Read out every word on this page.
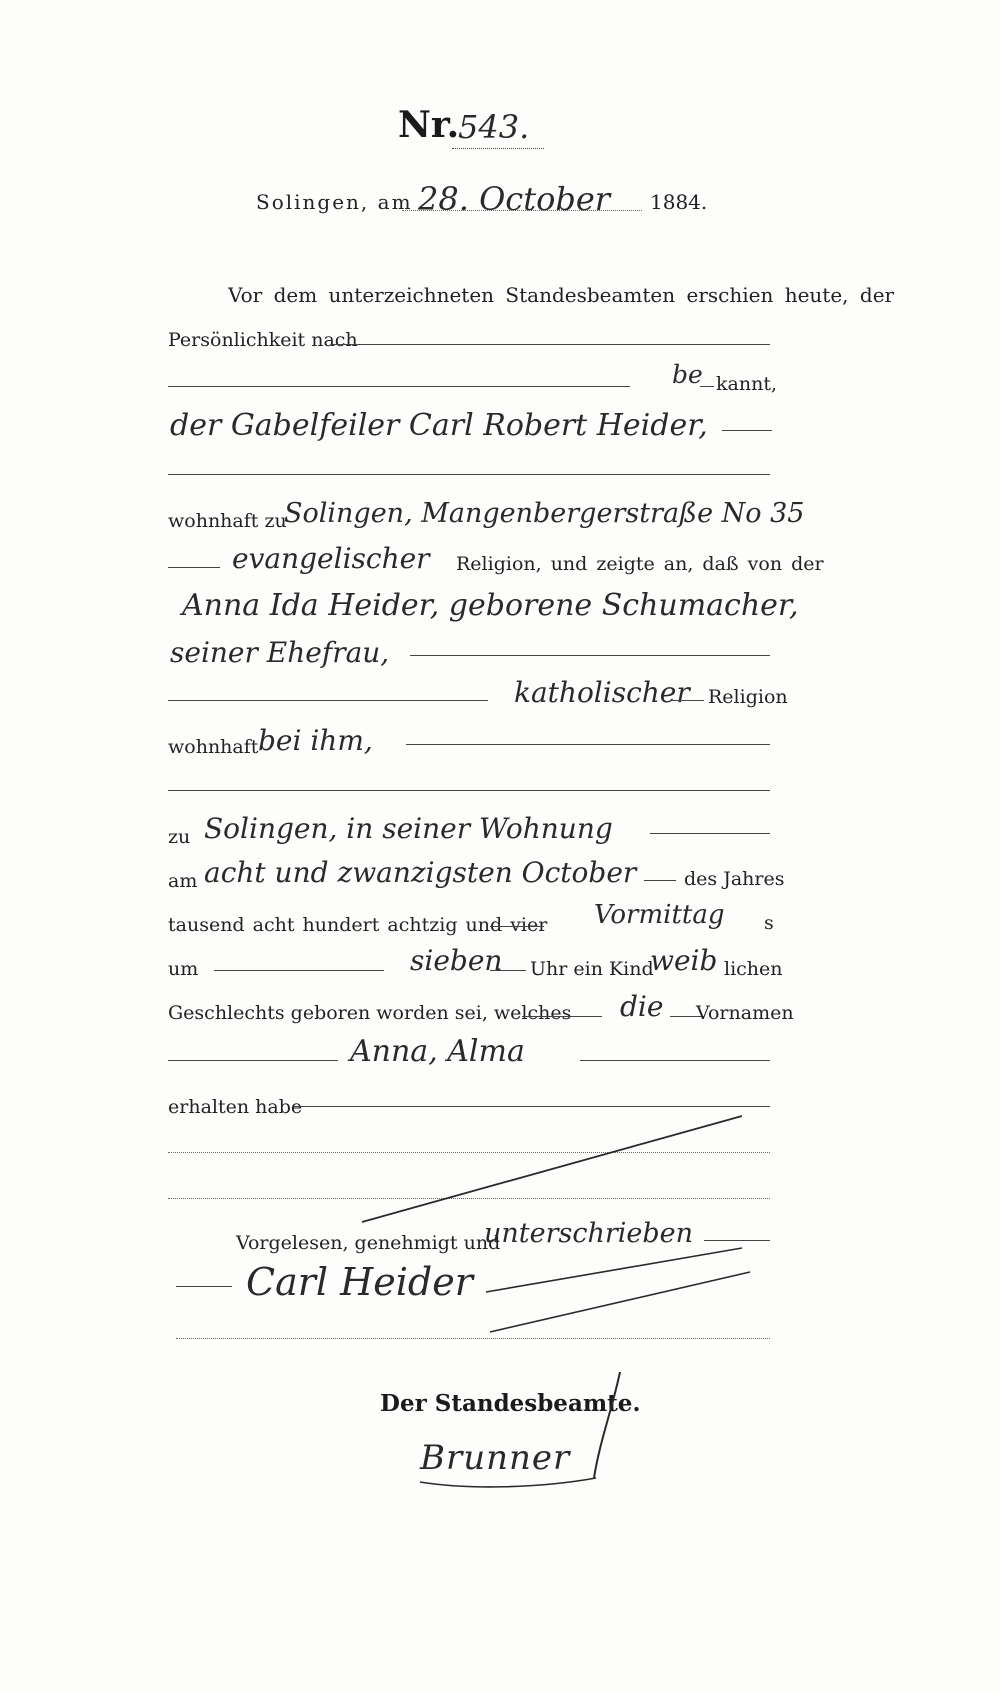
Nr.
543.
Solingen, am 28. October 1884.
Vor dem unterzeichneten Standesbeamten erschien heute, der
Persönlichkeit nach
be kannt,
der Gabelfeiler Carl Robert Heider,
wohnhaft zu
Solingen, Mangenbergerstraße No 35
evangelischer Religion, und zeigte an, daß von der
Anna Ida Heider, geborene Schumacher,
seiner Ehefrau,
katholischer Religion
wohnhaft bei ihm,
zu Solingen, in seiner Wohnung
am acht und zwanzigsten October	des Jahres
tausend acht hundert achtzig und vier Vormittag s
um	sieben Uhr ein Kind
weib lichen
Geschlechts geboren worden sei, welches die Vornamen
Anna, Alma
erhalten habe
Vorgelesen, genehmigt und
unterschrieben
Carl Heider
Der Standesbeamte.
Brunner
